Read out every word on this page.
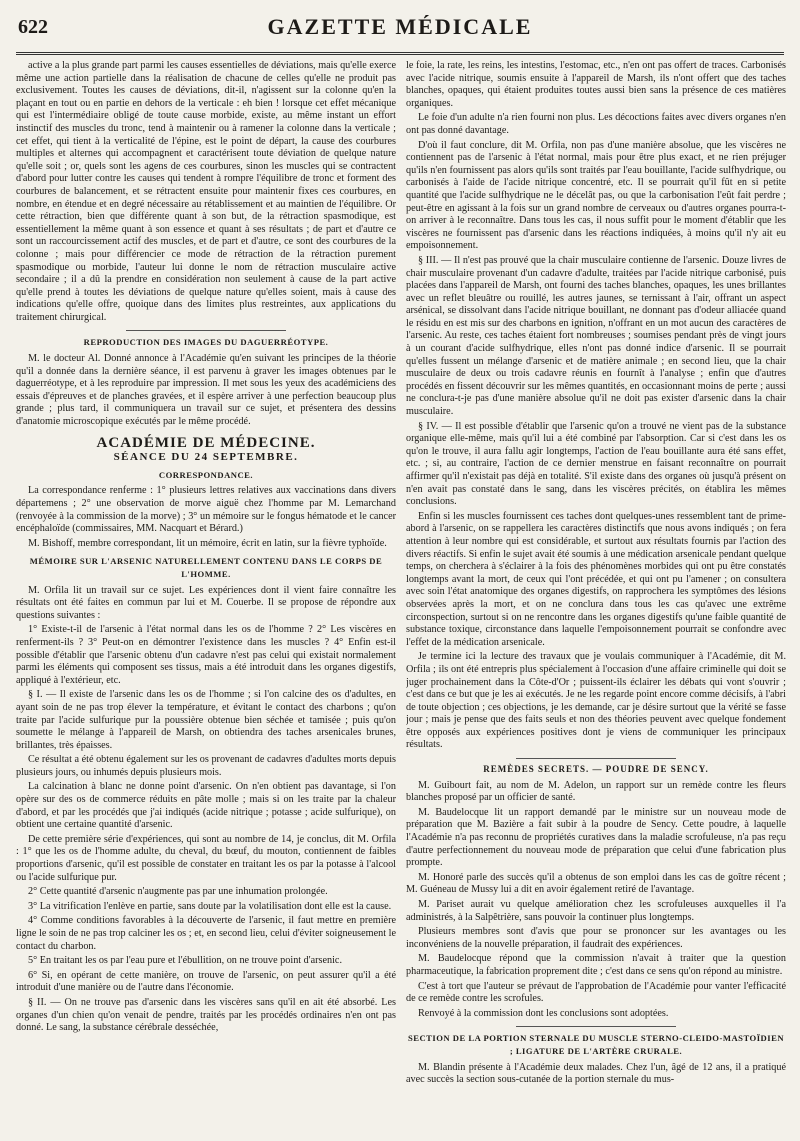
622	GAZETTE MÉDICALE

active a la plus grande part parmi les causes essentielles de déviations, mais qu'elle exerce même une action partielle dans la réalisation de chacune de celles qu'elle ne produit pas exclusivement. Toutes les causes de déviations, dit-il, n'agissent sur la colonne qu'en la plaçant en tout ou en partie en dehors de la verticale : eh bien ! lorsque cet effet mécanique qui est l'intermédiaire obligé de toute cause morbide, existe, au même instant un effort instinctif des muscles du tronc, tend à maintenir ou à ramener la colonne dans la verticale ; cet effet, qui tient à la verticalité de l'épine, est le point de départ, la cause des courbures multiples et alternes qui accompagnent et caractérisent toute déviation de quelque nature qu'elle soit ; or, quels sont les agens de ces courbures, sinon les muscles qui se contractent d'abord pour lutter contre les causes qui tendent à rompre l'équilibre de tronc et forment des courbures de balancement, et se rétractent ensuite pour maintenir fixes ces courbures, en nombre, en étendue et en degré nécessaire au rétablissement et au maintien de l'équilibre. Or cette rétraction, bien que différente quant à son but, de la rétraction spasmodique, est essentiellement la même quant à son essence et quant à ses résultats ; de part et d'autre ce sont un raccourcissement actif des muscles, et de part et d'autre, ce sont des courbures de la colonne ; mais pour différencier ce mode de rétraction de la rétraction purement spasmodique ou morbide, l'auteur lui donne le nom de rétraction musculaire active secondaire ; il a dû la prendre en considération non seulement à cause de la part active qu'elle prend à toutes les déviations de quelque nature qu'elles soient, mais à cause des indications qu'elle offre, quoique dans des limites plus restreintes, aux applications du traitement chirurgical.

REPRODUCTION DES IMAGES DU DAGUERRÉOTYPE.

M. le docteur Al. Donné annonce à l'Académie qu'en suivant les principes de la théorie qu'il a donnée dans la dernière séance, il est parvenu à graver les images obtenues par le daguerréotype, et à les reproduire par impression. Il met sous les yeux des académiciens des essais d'épreuves et de planches gravées, et il espère arriver à une perfection beaucoup plus grande ; plus tard, il communiquera un travail sur ce sujet, et présentera des dessins d'anatomie microscopique exécutés par le même procédé.

ACADÉMIE DE MÉDECINE.
SÉANCE DU 24 SEPTEMBRE.
CORRESPONDANCE.

La correspondance renferme : 1° plusieurs lettres relatives aux vaccinations dans divers départemens ; 2° une observation de morve aiguë chez l'homme par M. Lemarchand (renvoyée à la commission de la morve) ; 3° un mémoire sur le fongus hématode et le cancer encéphaloïde (commissaires, MM. Nacquart et Bérard.)

M. Bishoff, membre correspondant, lit un mémoire, écrit en latin, sur la fièvre typhoïde.

MÉMOIRE SUR L'ARSENIC NATURELLEMENT CONTENU DANS LE CORPS DE L'HOMME.

M. Orfila lit un travail sur ce sujet. Les expériences dont il vient faire connaître les résultats ont été faites en commun par lui et M. Couerbe. Il se propose de répondre aux questions suivantes :

1° Existe-t-il de l'arsenic à l'état normal dans les os de l'homme ? 2° Les viscères en renferment-ils ? 3° Peut-on en démontrer l'existence dans les muscles ? 4° Enfin est-il possible d'établir que l'arsenic obtenu d'un cadavre n'est pas celui qui existait normalement parmi les éléments qui composent ses tissus, mais a été introduit dans les organes digestifs, appliqué à l'extérieur, etc.

§ I. — Il existe de l'arsenic dans les os de l'homme ; si l'on calcine des os d'adultes, en ayant soin de ne pas trop élever la température, et évitant le contact des charbons ; qu'on traite par l'acide sulfurique pur la poussière obtenue bien séchée et tamisée ; puis qu'on soumette le mélange à l'appareil de Marsh, on obtiendra des taches arsenicales brunes, brillantes, très épaisses.

Ce résultat a été obtenu également sur les os provenant de cadavres d'adultes morts depuis plusieurs jours, ou inhumés depuis plusieurs mois.

La calcination à blanc ne donne point d'arsenic. On n'en obtient pas davantage, si l'on opère sur des os de commerce réduits en pâte molle ; mais si on les traite par la chaleur d'abord, et par les procédés que j'ai indiqués (acide nitrique ; potasse ; acide sulfurique), on obtient une certaine quantité d'arsenic.

De cette première série d'expériences, qui sont au nombre de 14, je conclus, dit M. Orfila : 1° que les os de l'homme adulte, du cheval, du bœuf, du mouton, contiennent de faibles proportions d'arsenic, qu'il est possible de constater en traitant les os par la potasse à l'alcool ou l'acide sulfurique pur.

2° Cette quantité d'arsenic n'augmente pas par une inhumation prolongée.

3° La vitrification l'enlève en partie, sans doute par la volatilisation dont elle est la cause.

4° Comme conditions favorables à la découverte de l'arsenic, il faut mettre en première ligne le soin de ne pas trop calciner les os ; et, en second lieu, celui d'éviter soigneusement le contact du charbon.

5° En traitant les os par l'eau pure et l'ébullition, on ne trouve point d'arsenic.

6° Si, en opérant de cette manière, on trouve de l'arsenic, on peut assurer qu'il a été introduit d'une manière ou de l'autre dans l'économie.

§ II. — On ne trouve pas d'arsenic dans les viscères sans qu'il en ait été absorbé. Les organes d'un chien qu'on venait de pendre, traités par les procédés ordinaires n'en ont pas donné. Le sang, la substance cérébrale desséchée,

le foie, la rate, les reins, les intestins, l'estomac, etc., n'en ont pas offert de traces. Carbonisés avec l'acide nitrique, soumis ensuite à l'appareil de Marsh, ils n'ont offert que des taches blanches, opaques, qui étaient produites toutes aussi bien sans la présence de ces matières organiques.

Le foie d'un adulte n'a rien fourni non plus. Les décoctions faites avec divers organes n'en ont pas donné davantage.

D'où il faut conclure, dit M. Orfila, non pas d'une manière absolue, que les viscères ne contiennent pas de l'arsenic à l'état normal, mais pour être plus exact, et ne rien préjuger qu'ils n'en fournissent pas alors qu'ils sont traités par l'eau bouillante, l'acide sulfhydrique, ou carbonisés à l'aide de l'acide nitrique concentré, etc. Il se pourrait qu'il fût en si petite quantité que l'acide sulfhydrique ne le décelât pas, ou que la carbonisation l'eût fait perdre ; peut-être en agissant à la fois sur un grand nombre de cerveaux ou d'autres organes pourra-t-on arriver à le reconnaître. Dans tous les cas, il nous suffit pour le moment d'établir que les viscères ne fournissent pas d'arsenic dans les réactions indiquées, à moins qu'il n'y ait eu empoisonnement.

§ III. — Il n'est pas prouvé que la chair musculaire contienne de l'arsenic. Douze livres de chair musculaire provenant d'un cadavre d'adulte, traitées par l'acide nitrique carbonisé, puis placées dans l'appareil de Marsh, ont fourni des taches blanches, opaques, les unes brillantes avec un reflet bleuâtre ou rouillé, les autres jaunes, se ternissant à l'air, offrant un aspect arsénical, se dissolvant dans l'acide nitrique bouillant, ne donnant pas d'odeur alliacée quand le résidu en est mis sur des charbons en ignition, n'offrant en un mot aucun des caractères de l'arsenic. Au reste, ces taches étaient fort nombreuses ; soumises pendant près de vingt jours à un courant d'acide sulfhydrique, elles n'ont pas donné indice d'arsenic. Il se pourrait qu'elles fussent un mélange d'arsenic et de matière animale ; en second lieu, que la chair musculaire de deux ou trois cadavre réunis en fournît à l'analyse ; enfin que d'autres procédés en fissent découvrir sur les mêmes quantités, en occasionnant moins de perte ; aussi ne conclura-t-je pas d'une manière absolue qu'il ne doit pas exister d'arsenic dans la chair musculaire.

§ IV. — Il est possible d'établir que l'arsenic qu'on a trouvé ne vient pas de la substance organique elle-même, mais qu'il lui a été combiné par l'absorption. Car si c'est dans les os qu'on le trouve, il aura fallu agir longtemps, l'action de l'eau bouillante aura été sans effet, etc. ; si, au contraire, l'action de ce dernier menstrue en faisant reconnaître on pourrait affirmer qu'il n'existait pas déjà en totalité. S'il existe dans des organes où jusqu'à présent on n'en avait pas constaté dans le sang, dans les viscères précités, on établira les mêmes conclusions.

Enfin si les muscles fournissent ces taches dont quelques-unes ressemblent tant de prime-abord à l'arsenic, on se rappellera les caractères distinctifs que nous avons indiqués ; on fera attention à leur nombre qui est considérable, et surtout aux résultats fournis par l'action des divers réactifs. Si enfin le sujet avait été soumis à une médication arsenicale pendant quelque temps, on cherchera à s'éclairer à la fois des phénomènes morbides qui ont pu être constatés longtemps avant la mort, de ceux qui l'ont précédée, et qui ont pu l'amener ; on consultera avec soin l'état anatomique des organes digestifs, on rapprochera les symptômes des lésions observées après la mort, et on ne conclura dans tous les cas qu'avec une extrême circonspection, surtout si on ne rencontre dans les organes digestifs qu'une faible quantité de substance toxique, circonstance dans laquelle l'empoisonnement pourrait se confondre avec l'effet de la médication arsenicale.

Je termine ici la lecture des travaux que je voulais communiquer à l'Académie, dit M. Orfila ; ils ont été entrepris plus spécialement à l'occasion d'une affaire criminelle qui doit se juger prochainement dans la Côte-d'Or ; puissent-ils éclairer les débats qui vont s'ouvrir ; c'est dans ce but que je les ai exécutés. Je ne les regarde point encore comme décisifs, à l'abri de toute objection ; ces objections, je les demande, car je désire surtout que la vérité se fasse jour ; mais je pense que des faits seuls et non des théories peuvent avec quelque fondement être opposés aux expériences positives dont je viens de communiquer les principaux résultats.

REMÈDES SECRETS. — POUDRE DE SENCY.

M. Guibourt fait, au nom de M. Adelon, un rapport sur un remède contre les fleurs blanches proposé par un officier de santé.

M. Baudelocque lit un rapport demandé par le ministre sur un nouveau mode de préparation que M. Bazière a fait subir à la poudre de Sency. Cette poudre, à laquelle l'Académie n'a pas reconnu de propriétés curatives dans la maladie scrofuleuse, n'a pas reçu d'autre perfectionnement du nouveau mode de préparation que celui d'une fabrication plus prompte.

M. Honoré parle des succès qu'il a obtenus de son emploi dans les cas de goître récent ; M. Guéneau de Mussy lui a dit en avoir également retiré de l'avantage.

M. Pariset aurait vu quelque amélioration chez les scrofuleuses auxquelles il l'a administrés, à la Salpêtrière, sans pouvoir la continuer plus longtemps.

Plusieurs membres sont d'avis que pour se prononcer sur les avantages ou les inconvéniens de la nouvelle préparation, il faudrait des expériences.

M. Baudelocque répond que la commission n'avait à traiter que la question pharmaceutique, la fabrication proprement dite ; c'est dans ce sens qu'on répond au ministre.

C'est à tort que l'auteur se prévaut de l'approbation de l'Académie pour vanter l'efficacité de ce remède contre les scrofules.

Renvoyé à la commission dont les conclusions sont adoptées.

SECTION DE LA PORTION STERNALE DU MUSCLE STERNO-CLEIDO-MASTOÏDIEN ; LIGATURE DE L'ARTÈRE CRURALE.

M. Blandin présente à l'Académie deux malades. Chez l'un, âgé de 12 ans, il a pratiqué avec succès la section sous-cutanée de la portion sternale du mus-
